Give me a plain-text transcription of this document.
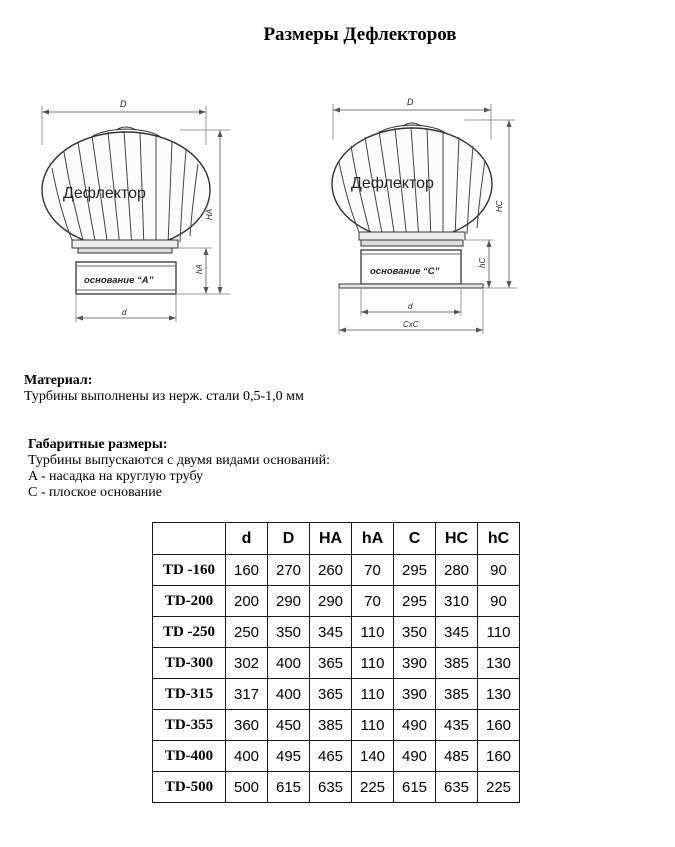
Размеры Дефлекторов
D
Дефлектор
основание “A”
HA
hA
d
D
Дефлектор
основание “C”
HC
hC
d
CxC
Материал:
Турбины выполнены из нерж. стали 0,5-1,0 мм
Габаритные размеры:
Турбины выпускаются с двумя видами оснований:
A - насадка на круглую трубу
C - плоское основание
	d	D	HA	hA	C	HC	hC
TD -160	160	270	260	70	295	280	90
TD-200	200	290	290	70	295	310	90
TD -250	250	350	345	110	350	345	110
TD-300	302	400	365	110	390	385	130
TD-315	317	400	365	110	390	385	130
TD-355	360	450	385	110	490	435	160
TD-400	400	495	465	140	490	485	160
TD-500	500	615	635	225	615	635	225
